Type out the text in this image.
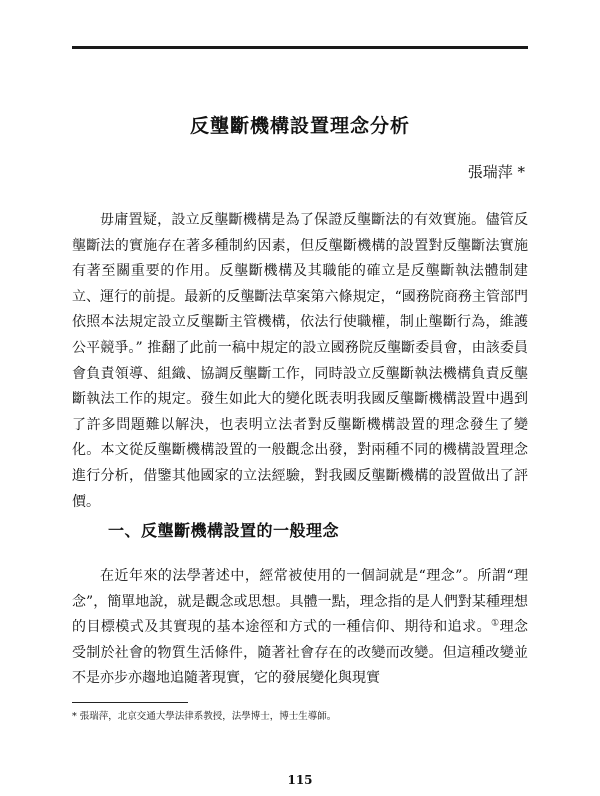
反壟斷機構設置理念分析
張瑞萍 *

毋庸置疑，設立反壟斷機構是為了保證反壟斷法的有效實施。儘管反壟斷法的實施存在著多種制約因素，但反壟斷機構的設置對反壟斷法實施有著至關重要的作用。反壟斷機構及其職能的確立是反壟斷執法體制建立、運行的前提。最新的反壟斷法草案第六條規定，“國務院商務主管部門依照本法規定設立反壟斷主管機構，依法行使職權，制止壟斷行為，維護公平競爭。” 推翻了此前一稿中規定的設立國務院反壟斷委員會，由該委員會負責領導、組織、協調反壟斷工作，同時設立反壟斷執法機構負責反壟斷執法工作的規定。發生如此大的變化既表明我國反壟斷機構設置中遇到了許多問題難以解決，也表明立法者對反壟斷機構設置的理念發生了變化。本文從反壟斷機構設置的一般觀念出發，對兩種不同的機構設置理念進行分析，借鑒其他國家的立法經驗，對我國反壟斷機構的設置做出了評價。

一、反壟斷機構設置的一般理念

在近年來的法學著述中，經常被使用的一個詞就是“理念”。所謂“理念”，簡單地說，就是觀念或思想。具體一點，理念指的是人們對某種理想的目標模式及其實現的基本途徑和方式的一種信仰、期待和追求。①理念受制於社會的物質生活條件，隨著社會存在的改變而改變。但這種改變並不是亦步亦趨地追隨著現實，它的發展變化與現實

* 張瑞萍，北京交通大學法律系教授，法學博士，博士生導師。
115
